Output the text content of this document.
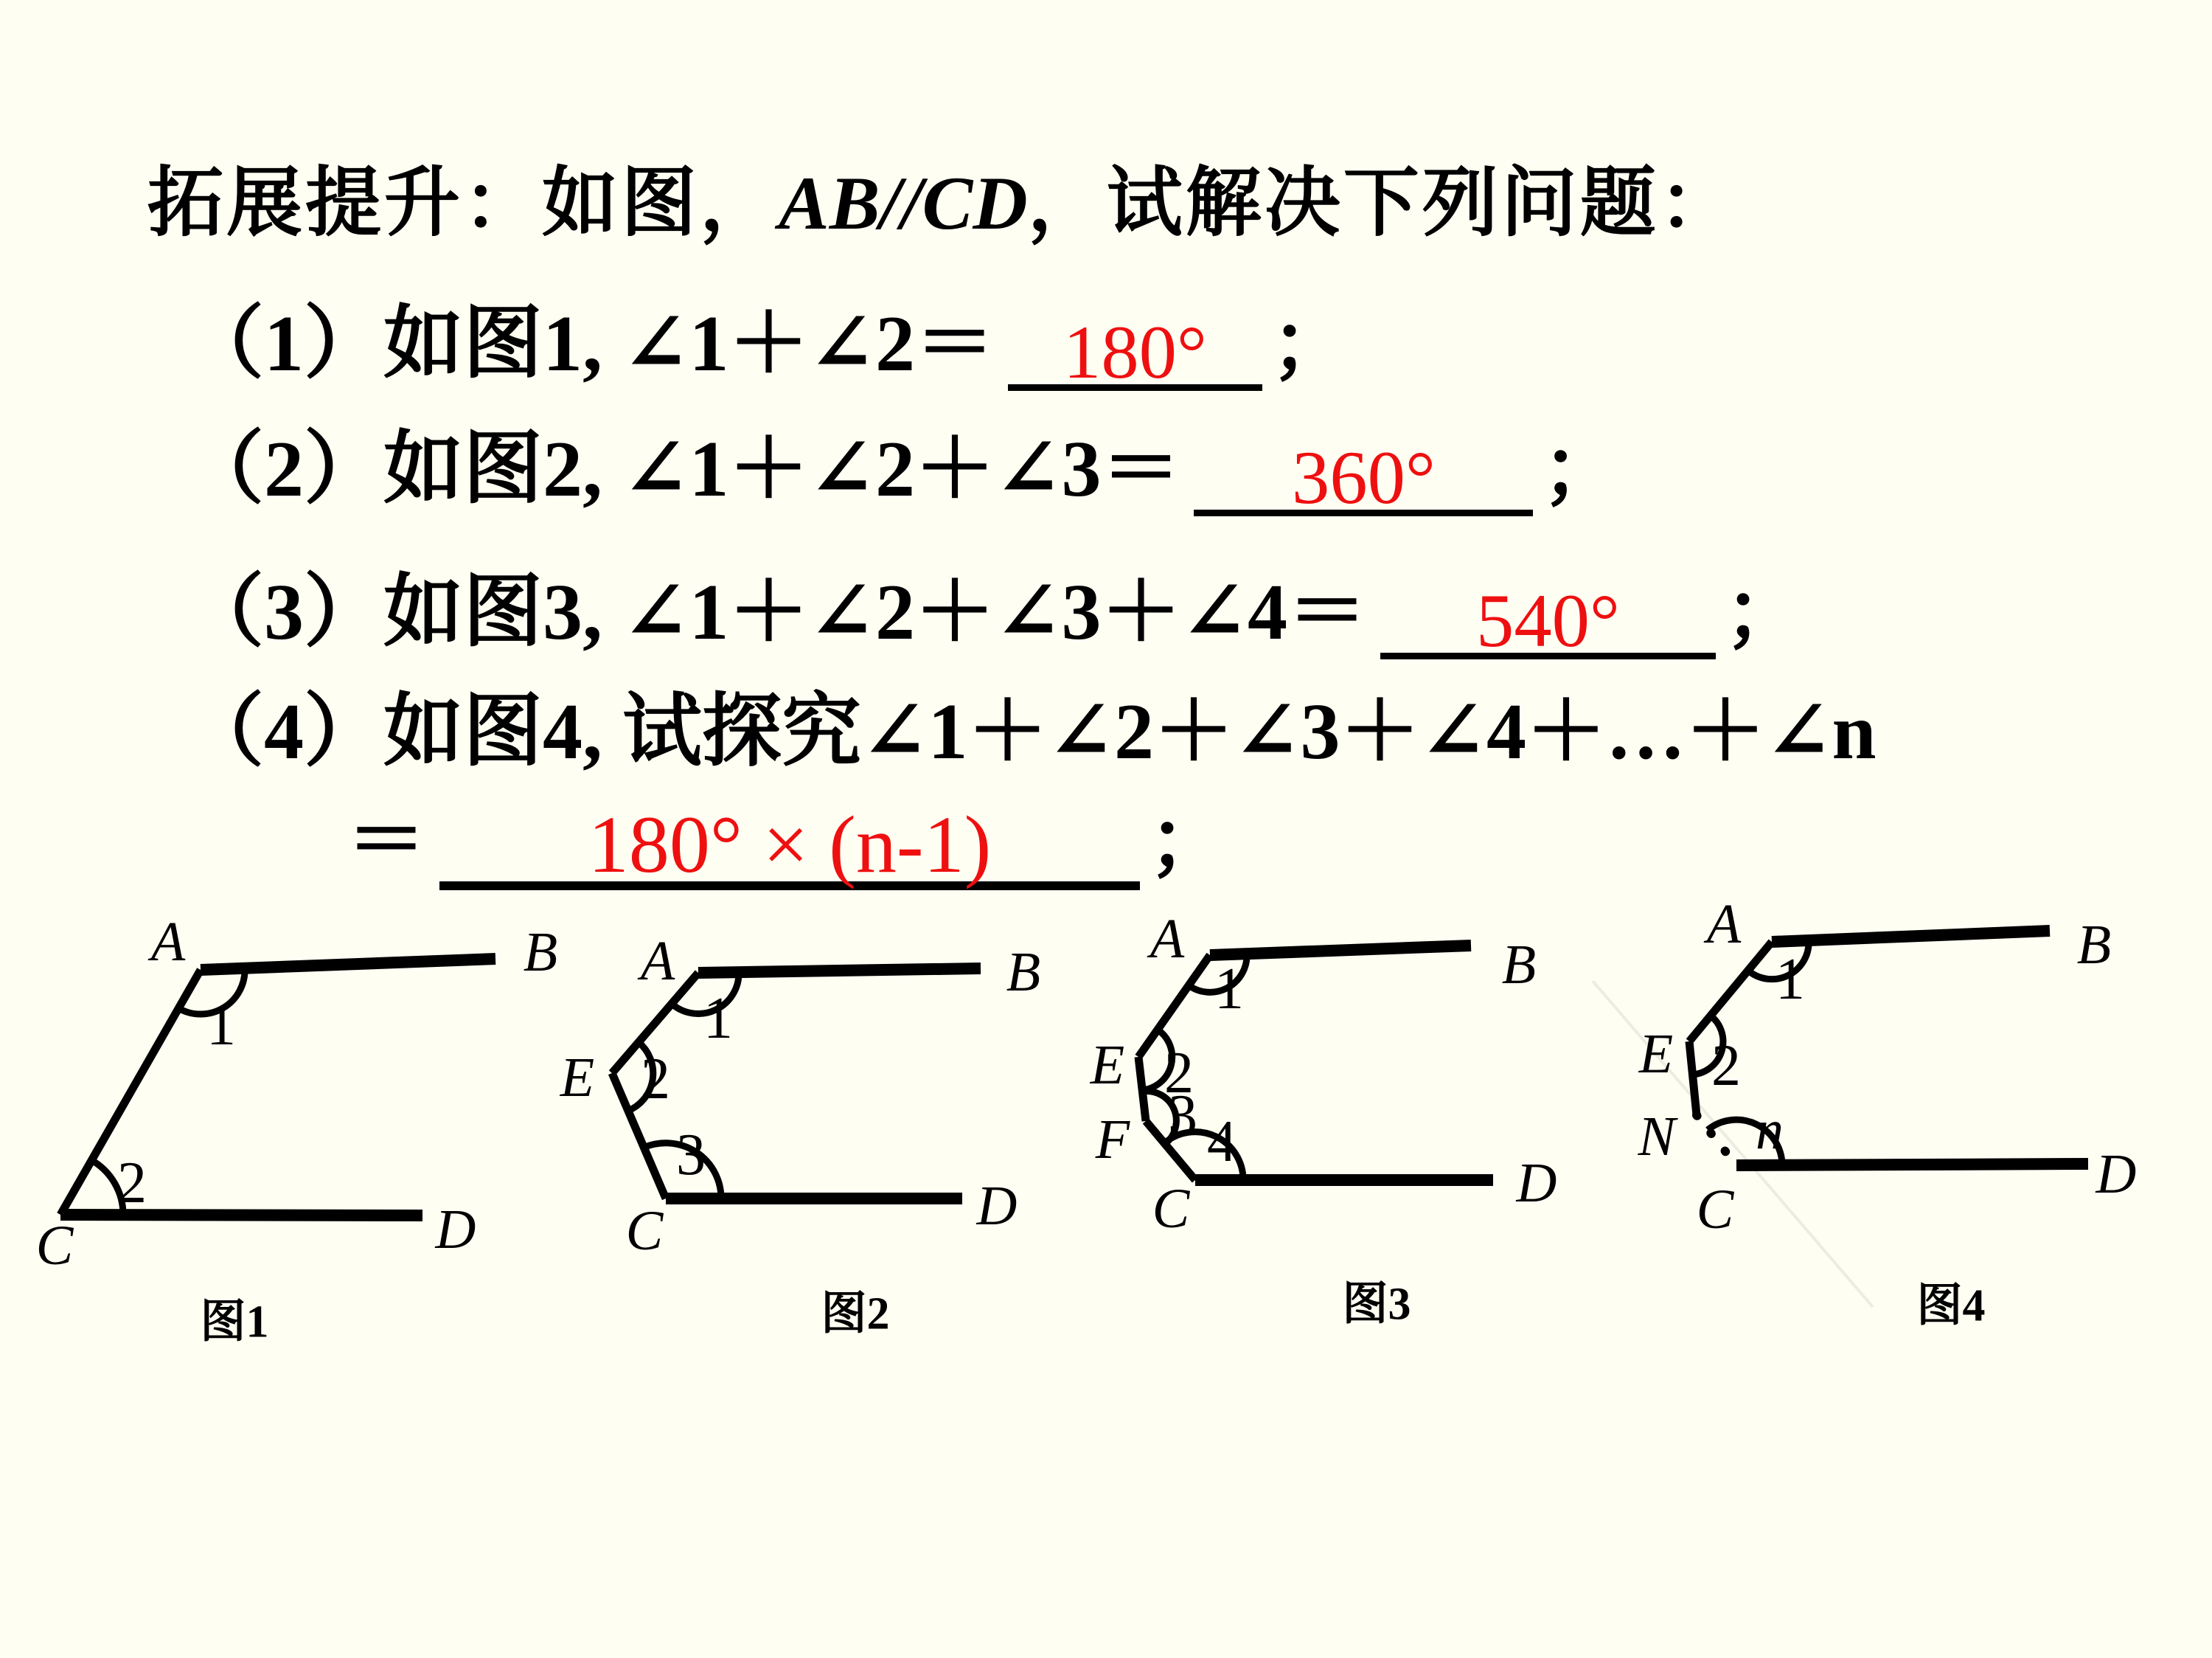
拓展提升：如图，AB//CD，试解决下列问题：
（1）如图1, ∠1＋∠2＝ 180° ；
（2）如图2, ∠1＋∠2＋∠3＝ 360° ；
（3）如图3, ∠1＋∠2＋∠3＋∠4＝ 540° ；
（4）如图4, 试探究∠1＋∠2＋∠3＋∠4＋…＋∠n
＝ 180° × (n-1) ；
A	B
C	D
1
2
图1
A	B
E
C	D
1
2
3
图2
A	B
E
F
C	D
1
2
3 4
图3
A	B
E
N
C
D
1
2
n
图4
